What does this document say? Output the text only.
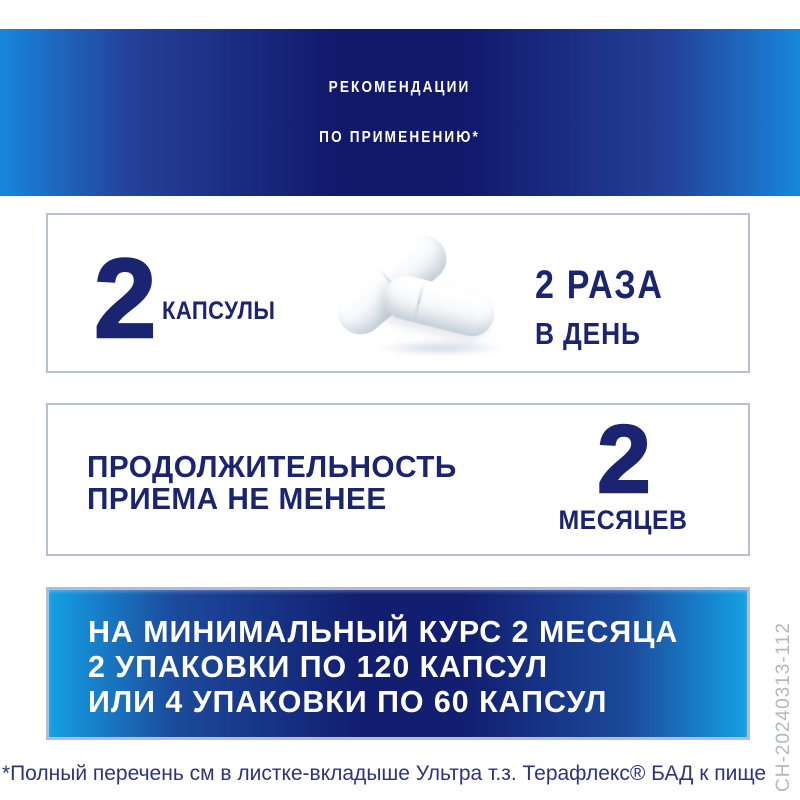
РЕКОМЕНДАЦИИ
ПО ПРИМЕНЕНИЮ*
2 КАПСУЛЫ
2 РАЗА
В ДЕНЬ
ПРОДОЛЖИТЕЛЬНОСТЬ
ПРИЕМА НЕ МЕНЕЕ	2
МЕСЯЦЕВ
НА МИНИМАЛЬНЫЙ КУРС 2 МЕСЯЦА
2 УПАКОВКИ ПО 120 КАПСУЛ
ИЛИ 4 УПАКОВКИ ПО 60 КАПСУЛ
*Полный перечень см в листке-вкладыше Ультра т.з. Терафлекс® БАД к пище CH-20240313-112
